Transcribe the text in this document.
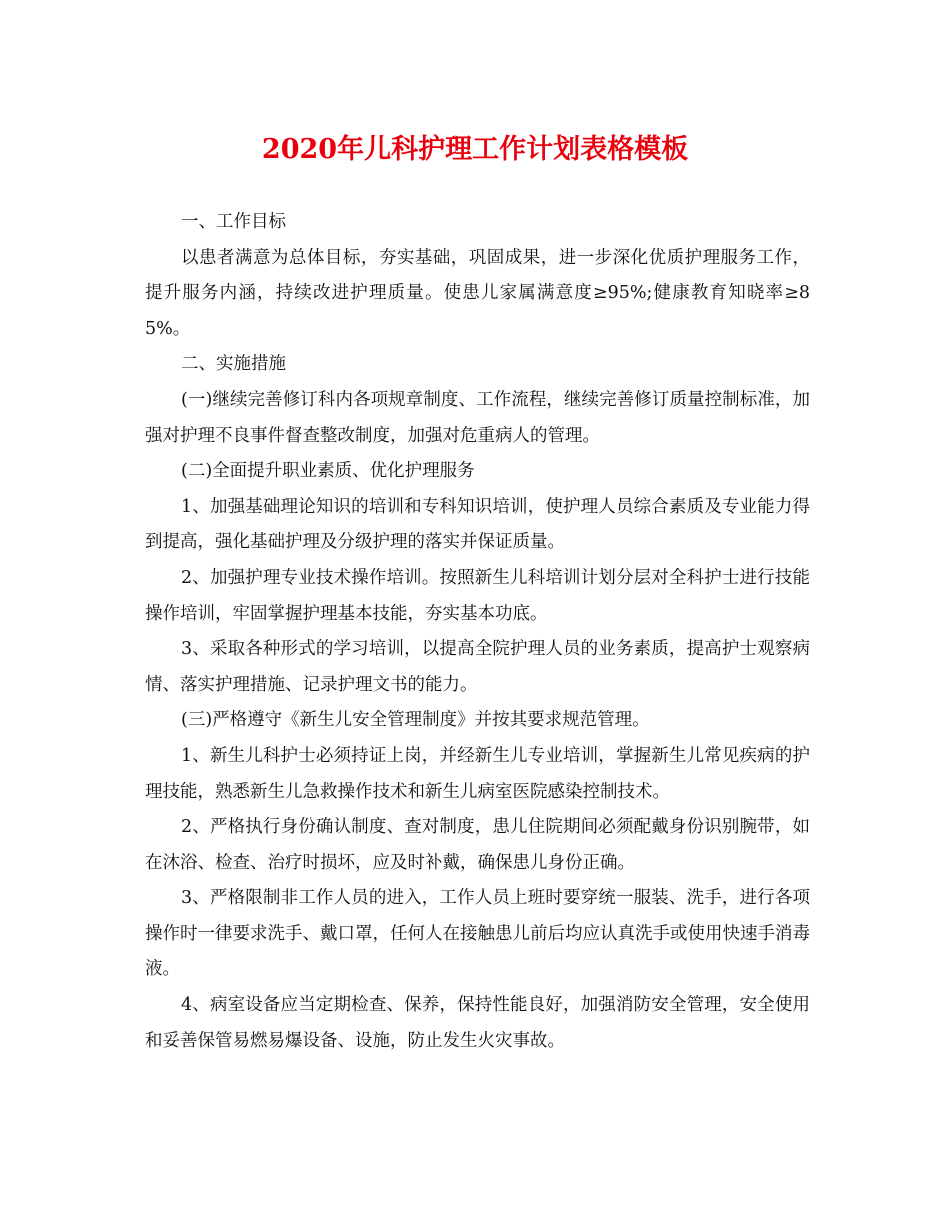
2020年儿科护理工作计划表格模板

一、工作目标

以患者满意为总体目标，夯实基础，巩固成果，进一步深化优质护理服务工作，提升服务内涵，持续改进护理质量。使患儿家属满意度≥95%;健康教育知晓率≥85%。

二、实施措施

(一)继续完善修订科内各项规章制度、工作流程，继续完善修订质量控制标准，加强对护理不良事件督查整改制度，加强对危重病人的管理。

(二)全面提升职业素质、优化护理服务

1、加强基础理论知识的培训和专科知识培训，使护理人员综合素质及专业能力得到提高，强化基础护理及分级护理的落实并保证质量。

2、加强护理专业技术操作培训。按照新生儿科培训计划分层对全科护士进行技能操作培训，牢固掌握护理基本技能，夯实基本功底。

3、采取各种形式的学习培训，以提高全院护理人员的业务素质，提高护士观察病情、落实护理措施、记录护理文书的能力。

(三)严格遵守《新生儿安全管理制度》并按其要求规范管理。

1、新生儿科护士必须持证上岗，并经新生儿专业培训，掌握新生儿常见疾病的护理技能，熟悉新生儿急救操作技术和新生儿病室医院感染控制技术。

2、严格执行身份确认制度、查对制度，患儿住院期间必须配戴身份识别腕带，如在沐浴、检查、治疗时损坏，应及时补戴，确保患儿身份正确。

3、严格限制非工作人员的进入，工作人员上班时要穿统一服装、洗手，进行各项操作时一律要求洗手、戴口罩，任何人在接触患儿前后均应认真洗手或使用快速手消毒液。

4、病室设备应当定期检查、保养，保持性能良好，加强消防安全管理，安全使用和妥善保管易燃易爆设备、设施，防止发生火灾事故。
